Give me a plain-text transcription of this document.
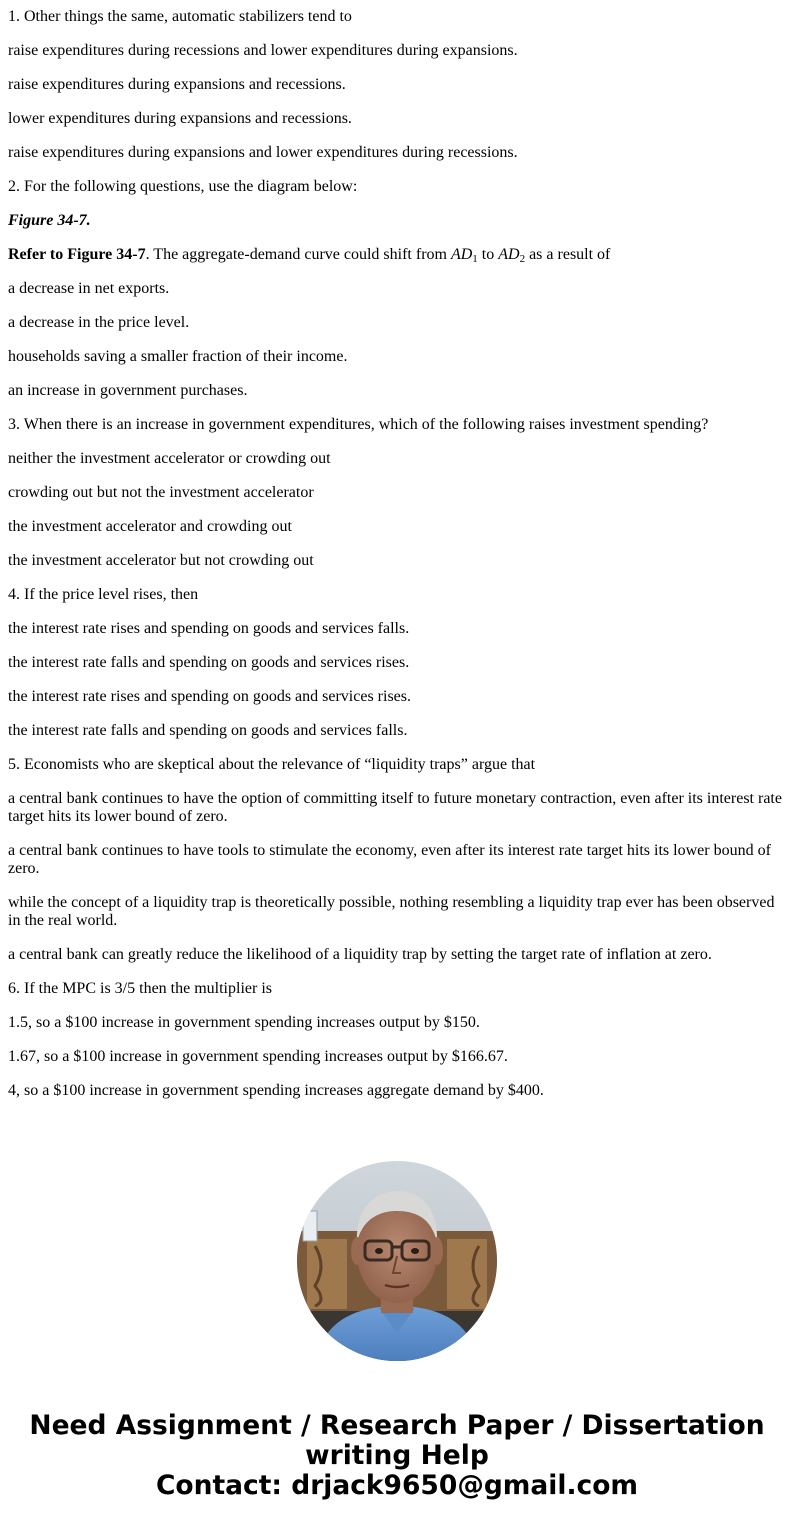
1. Other things the same, automatic stabilizers tend to

raise expenditures during recessions and lower expenditures during expansions.

raise expenditures during expansions and recessions.

lower expenditures during expansions and recessions.

raise expenditures during expansions and lower expenditures during recessions.

2. For the following questions, use the diagram below:

Figure 34-7.

Refer to Figure 34-7. The aggregate-demand curve could shift from $AD_1$ to $AD_2$ as a result of

a decrease in net exports.

a decrease in the price level.

households saving a smaller fraction of their income.

an increase in government purchases.

3. When there is an increase in government expenditures, which of the following raises investment spending?

neither the investment accelerator or crowding out

crowding out but not the investment accelerator

the investment accelerator and crowding out

the investment accelerator but not crowding out

4. If the price level rises, then

the interest rate rises and spending on goods and services falls.

the interest rate falls and spending on goods and services rises.

the interest rate rises and spending on goods and services rises.

the interest rate falls and spending on goods and services falls.

5. Economists who are skeptical about the relevance of “liquidity traps” argue that

a central bank continues to have the option of committing itself to future monetary contraction, even after its interest rate target hits its lower bound of zero.

a central bank continues to have tools to stimulate the economy, even after its interest rate target hits its lower bound of zero.

while the concept of a liquidity trap is theoretically possible, nothing resembling a liquidity trap ever has been observed in the real world.

a central bank can greatly reduce the likelihood of a liquidity trap by setting the target rate of inflation at zero.

6. If the MPC is 3/5 then the multiplier is

1.5, so a $100 increase in government spending increases output by $150.

1.67, so a $100 increase in government spending increases output by $166.67.

4, so a $100 increase in government spending increases aggregate demand by $400.

Need Assignment / Research Paper / Dissertation
writing Help
Contact: drjack9650@gmail.com
